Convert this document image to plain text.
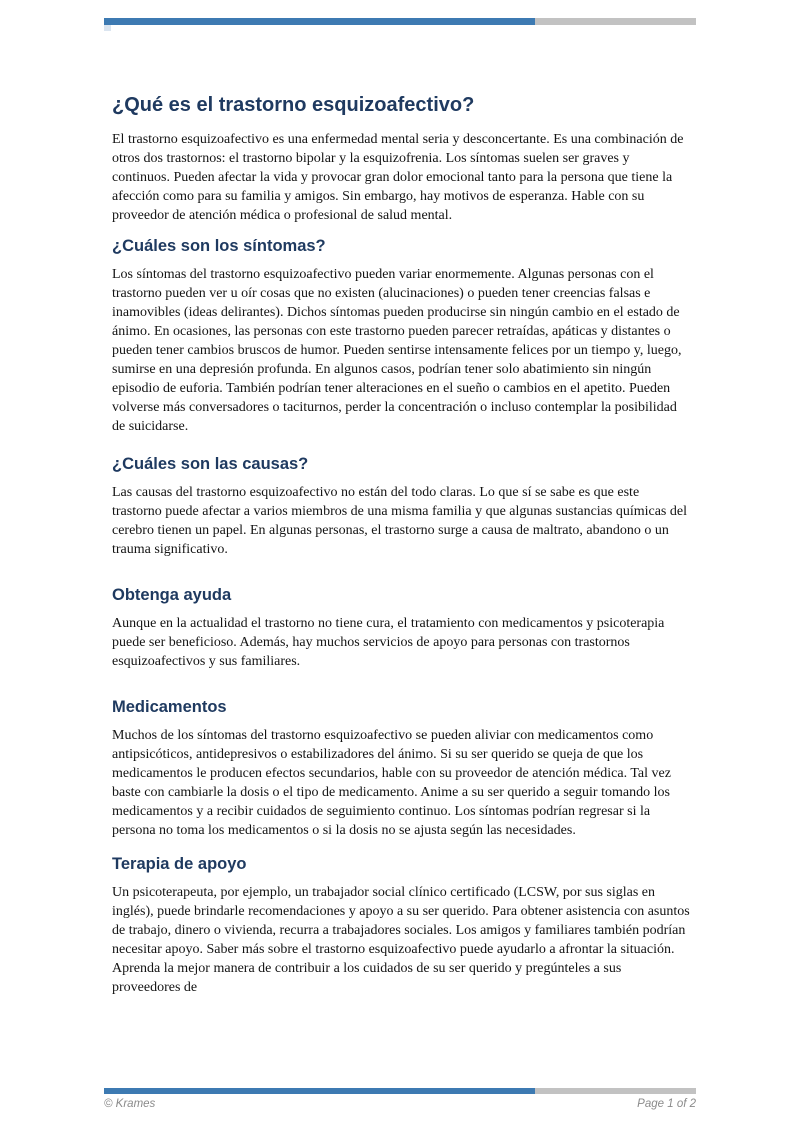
¿Qué es el trastorno esquizoafectivo?

El trastorno esquizoafectivo es una enfermedad mental seria y desconcertante. Es una combinación de otros dos trastornos: el trastorno bipolar y la esquizofrenia. Los síntomas suelen ser graves y continuos. Pueden afectar la vida y provocar gran dolor emocional tanto para la persona que tiene la afección como para su familia y amigos. Sin embargo, hay motivos de esperanza. Hable con su proveedor de atención médica o profesional de salud mental.

¿Cuáles son los síntomas?

Los síntomas del trastorno esquizoafectivo pueden variar enormemente. Algunas personas con el trastorno pueden ver u oír cosas que no existen (alucinaciones) o pueden tener creencias falsas e inamovibles (ideas delirantes). Dichos síntomas pueden producirse sin ningún cambio en el estado de ánimo. En ocasiones, las personas con este trastorno pueden parecer retraídas, apáticas y distantes o pueden tener cambios bruscos de humor. Pueden sentirse intensamente felices por un tiempo y, luego, sumirse en una depresión profunda. En algunos casos, podrían tener solo abatimiento sin ningún episodio de euforia. También podrían tener alteraciones en el sueño o cambios en el apetito. Pueden volverse más conversadores o taciturnos, perder la concentración o incluso contemplar la posibilidad de suicidarse.

¿Cuáles son las causas?

Las causas del trastorno esquizoafectivo no están del todo claras. Lo que sí se sabe es que este trastorno puede afectar a varios miembros de una misma familia y que algunas sustancias químicas del cerebro tienen un papel. En algunas personas, el trastorno surge a causa de maltrato, abandono o un trauma significativo.

Obtenga ayuda

Aunque en la actualidad el trastorno no tiene cura, el tratamiento con medicamentos y psicoterapia puede ser beneficioso. Además, hay muchos servicios de apoyo para personas con trastornos esquizoafectivos y sus familiares.

Medicamentos

Muchos de los síntomas del trastorno esquizoafectivo se pueden aliviar con medicamentos como antipsicóticos, antidepresivos o estabilizadores del ánimo. Si su ser querido se queja de que los medicamentos le producen efectos secundarios, hable con su proveedor de atención médica. Tal vez baste con cambiarle la dosis o el tipo de medicamento. Anime a su ser querido a seguir tomando los medicamentos y a recibir cuidados de seguimiento continuo. Los síntomas podrían regresar si la persona no toma los medicamentos o si la dosis no se ajusta según las necesidades.

Terapia de apoyo

Un psicoterapeuta, por ejemplo, un trabajador social clínico certificado (LCSW, por sus siglas en inglés), puede brindarle recomendaciones y apoyo a su ser querido. Para obtener asistencia con asuntos de trabajo, dinero o vivienda, recurra a trabajadores sociales. Los amigos y familiares también podrían necesitar apoyo. Saber más sobre el trastorno esquizoafectivo puede ayudarlo a afrontar la situación. Aprenda la mejor manera de contribuir a los cuidados de su ser querido y pregúnteles a sus proveedores de

© Krames	Page 1 of 2
